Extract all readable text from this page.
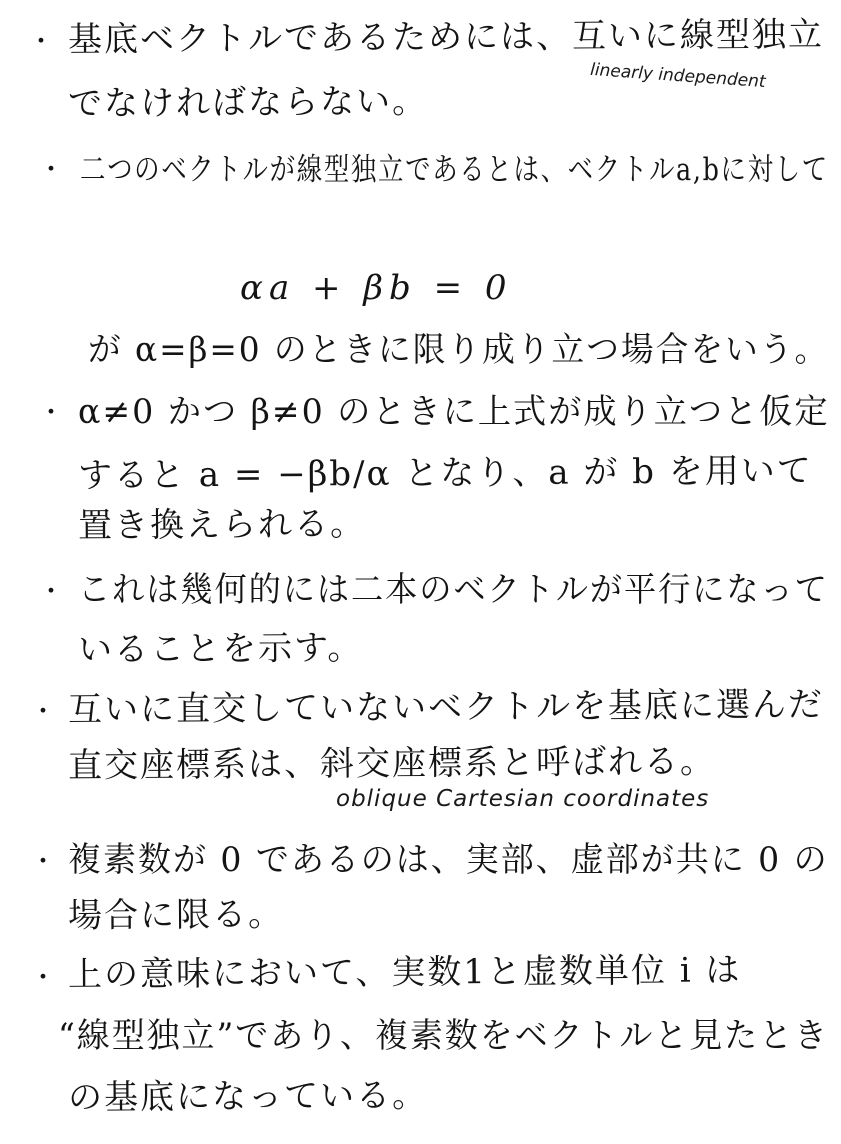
・ 基底ベクトルであるためには、互いに線型独立
linearly independent
でなければならない。
・ 二つのベクトルが線型独立であるとは、ベクトルa,bに対して
αa + βb = 0
が α=β=0 のときに限り成り立つ場合をいう。
・ α≠0 かつ β≠0 のときに上式が成り立つと仮定
すると a = −βb/α となり、a が b を用いて
置き換えられる。
・ これは幾何的には二本のベクトルが平行になって
いることを示す。
・ 互いに直交していないベクトルを基底に選んだ
直交座標系は、斜交座標系と呼ばれる。
oblique Cartesian coordinates
・ 複素数が 0 であるのは、実部、虚部が共に 0 の
場合に限る。
・ 上の意味において、実数1と虚数単位 i は
“線型独立”であり、複素数をベクトルと見たとき
の基底になっている。
